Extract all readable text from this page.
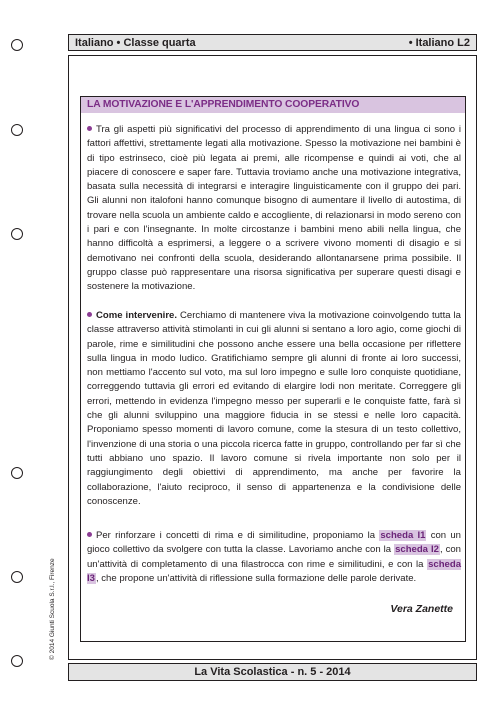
Italiano • Classe quarta	• Italiano L2
LA MOTIVAZIONE E L'APPRENDIMENTO COOPERATIVO

Tra gli aspetti più significativi del processo di apprendimento di una lingua ci sono i fattori affettivi, strettamente legati alla motivazione. Spesso la motivazione nei bambini è di tipo estrinseco, cioè più legata ai premi, alle ricompense e quindi ai voti, che al piacere di conoscere e saper fare. Tuttavia troviamo anche una motivazione integrativa, basata sulla necessità di integrarsi e interagire linguisticamente con il gruppo dei pari. Gli alunni non italofoni hanno comunque bisogno di aumentare il livello di autostima, di trovare nella scuola un ambiente caldo e accogliente, di relazionarsi in modo sereno con i pari e con l'insegnante. In molte circostanze i bambini meno abili nella lingua, che hanno difficoltà a esprimersi, a leggere o a scrivere vivono momenti di disagio e si demotivano nei confronti della scuola, desiderando allontanarsene prima possibile. Il gruppo classe può rappresentare una risorsa significativa per superare questi disagi e sostenere la motivazione.

Come intervenire. Cerchiamo di mantenere viva la motivazione coinvolgendo tutta la classe attraverso attività stimolanti in cui gli alunni si sentano a loro agio, come giochi di parole, rime e similitudini che possono anche essere una bella occasione per riflettere sulla lingua in modo ludico. Gratifichiamo sempre gli alunni di fronte ai loro successi, non mettiamo l'accento sul voto, ma sul loro impegno e sulle loro conquiste quotidiane, correggendo tuttavia gli errori ed evitando di elargire lodi non meritate. Correggere gli errori, mettendo in evidenza l'impegno messo per superarli e le conquiste fatte, farà sì che gli alunni sviluppino una maggiore fiducia in se stessi e nelle loro capacità. Proponiamo spesso momenti di lavoro comune, come la stesura di un testo collettivo, l'invenzione di una storia o una piccola ricerca fatte in gruppo, controllando per far sì che tutti abbiano uno spazio. Il lavoro comune si rivela importante non solo per il raggiungimento degli obiettivi di apprendimento, ma anche per favorire la collaborazione, l'aiuto reciproco, il senso di appartenenza e la condivisione delle conoscenze.

Per rinforzare i concetti di rima e di similitudine, proponiamo la scheda I1 con un gioco collettivo da svolgere con tutta la classe. Lavoriamo anche con la scheda I2, con un'attività di completamento di una filastrocca con rime e similitudini, e con la scheda I3, che propone un'attività di riflessione sulla formazione delle parole derivate.

Vera Zanette
© 2014 Giunti Scuola S.r.l., Firenze
La Vita Scolastica - n. 5 - 2014
